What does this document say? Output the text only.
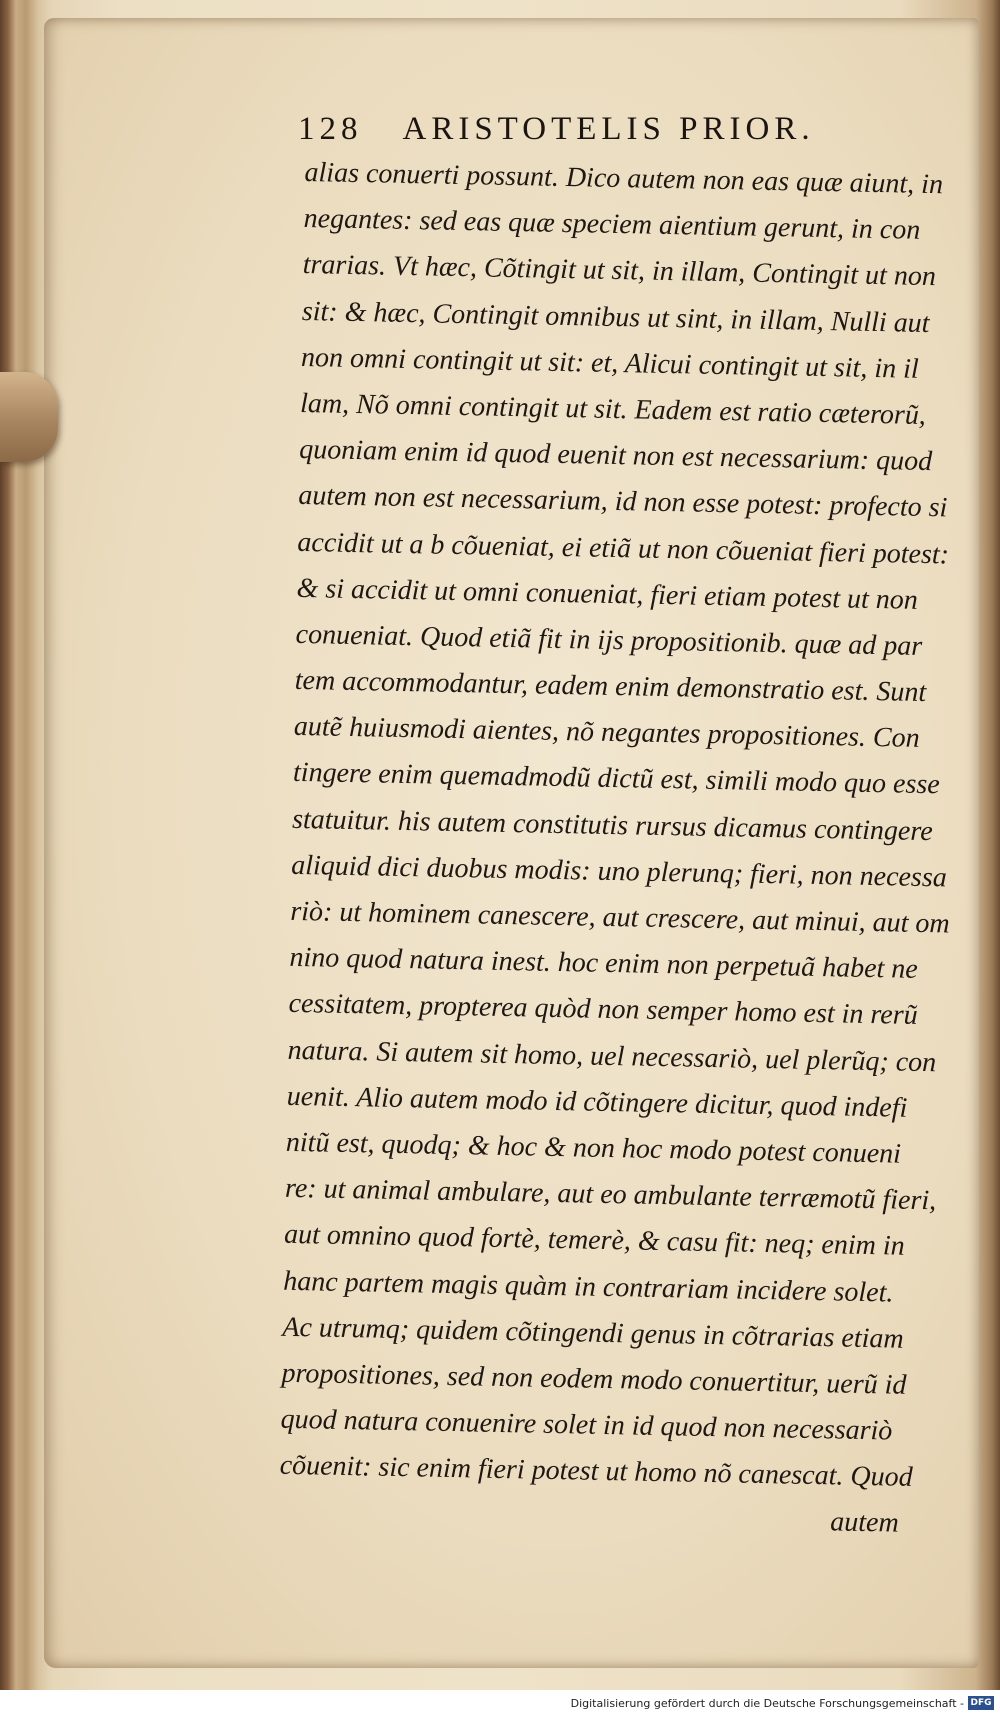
128 ARISTOTELIS PRIOR.
alias conuerti possunt. Dico autem non eas quæ aiunt, in
negantes: sed eas quæ speciem aientium gerunt, in con
trarias. Vt hæc, Cõtingit ut sit, in illam, Contingit ut non
sit: & hæc, Contingit omnibus ut sint, in illam, Nulli aut
non omni contingit ut sit: et, Alicui contingit ut sit, in il
lam, Nõ omni contingit ut sit. Eadem est ratio cæterorũ,
quoniam enim id quod euenit non est necessarium: quod
autem non est necessarium, id non esse potest: profecto si
accidit ut a b cõueniat, ei etiã ut non cõueniat fieri potest:
& si accidit ut omni conueniat, fieri etiam potest ut non
conueniat. Quod etiã fit in ijs propositionib. quæ ad par
tem accommodantur, eadem enim demonstratio est. Sunt
autẽ huiusmodi aientes, nõ negantes propositiones. Con
tingere enim quemadmodũ dictũ est, simili modo quo esse
statuitur. his autem constitutis rursus dicamus contingere
aliquid dici duobus modis: uno plerunq; fieri, non necessa
riò: ut hominem canescere, aut crescere, aut minui, aut om
nino quod natura inest. hoc enim non perpetuã habet ne
cessitatem, propterea quòd non semper homo est in rerũ
natura. Si autem sit homo, uel necessariò, uel plerũq; con
uenit. Alio autem modo id cõtingere dicitur, quod indefi
nitũ est, quodq; & hoc & non hoc modo potest conueni
re: ut animal ambulare, aut eo ambulante terræmotũ fieri,
aut omnino quod fortè, temerè, & casu fit: neq; enim in
hanc partem magis quàm in contrariam incidere solet.
Ac utrumq; quidem cõtingendi genus in cõtrarias etiam
propositiones, sed non eodem modo conuertitur, uerũ id
quod natura conuenire solet in id quod non necessariò
cõuenit: sic enim fieri potest ut homo nõ canescat. Quod
autem
Digitalisierung gefördert durch die Deutsche Forschungsgemeinschaft - DFG
